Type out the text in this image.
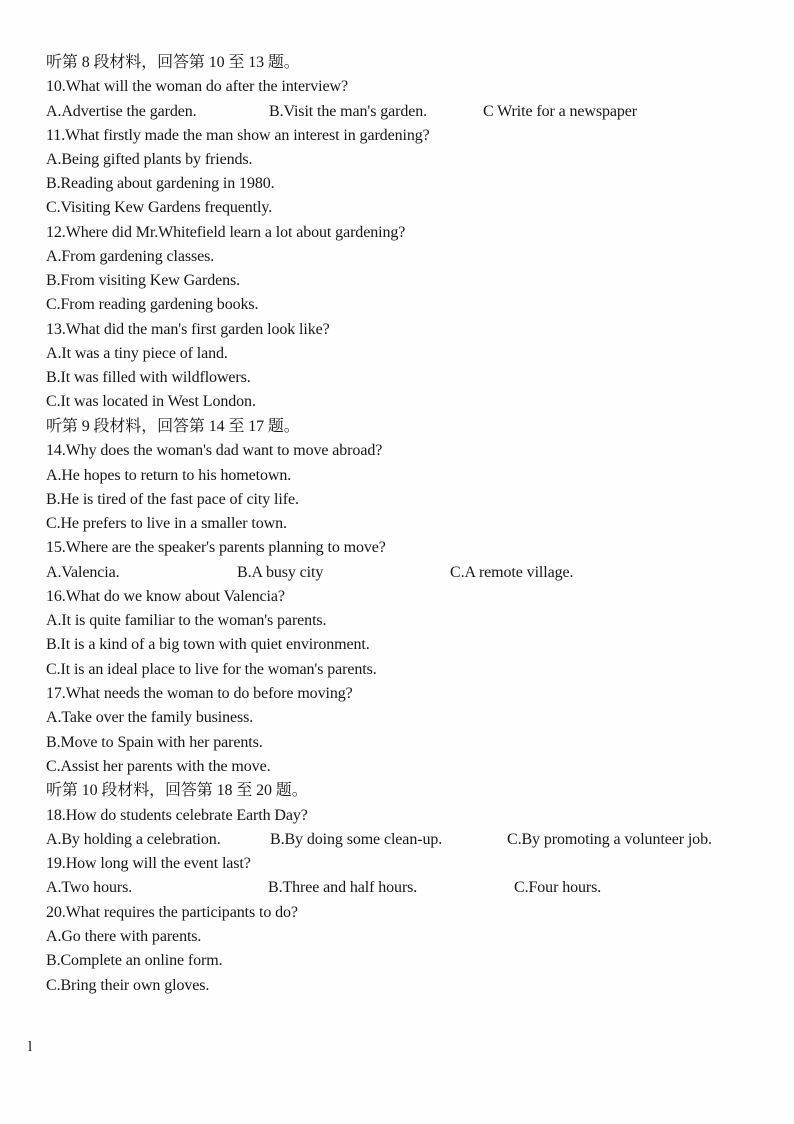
听第 8 段材料，回答第 10 至 13 题。
10.What will the woman do after the interview?
A.Advertise the garden.	B.Visit the man's garden.	C Write for a newspaper
11.What firstly made the man show an interest in gardening?
A.Being gifted plants by friends.
B.Reading about gardening in 1980.
C.Visiting Kew Gardens frequently.
12.Where did Mr.Whitefield learn a lot about gardening?
A.From gardening classes.
B.From visiting Kew Gardens.
C.From reading gardening books.
13.What did the man's first garden look like?
A.It was a tiny piece of land.
B.It was filled with wildflowers.
C.It was located in West London.
听第 9 段材料，回答第 14 至 17 题。
14.Why does the woman's dad want to move abroad?
A.He hopes to return to his hometown.
B.He is tired of the fast pace of city life.
C.He prefers to live in a smaller town.
15.Where are the speaker's parents planning to move?
A.Valencia.	B.A busy city	C.A remote village.
16.What do we know about Valencia?
A.It is quite familiar to the woman's parents.
B.It is a kind of a big town with quiet environment.
C.It is an ideal place to live for the woman's parents.
17.What needs the woman to do before moving?
A.Take over the family business.
B.Move to Spain with her parents.
C.Assist her parents with the move.
听第 10 段材料，回答第 18 至 20 题。
18.How do students celebrate Earth Day?
A.By holding a celebration.	B.By doing some clean-up.	C.By promoting a volunteer job.
19.How long will the event last?
A.Two hours.	B.Three and half hours.	C.Four hours.
20.What requires the participants to do?
A.Go there with parents.
B.Complete an online form.
C.Bring their own gloves.
l
